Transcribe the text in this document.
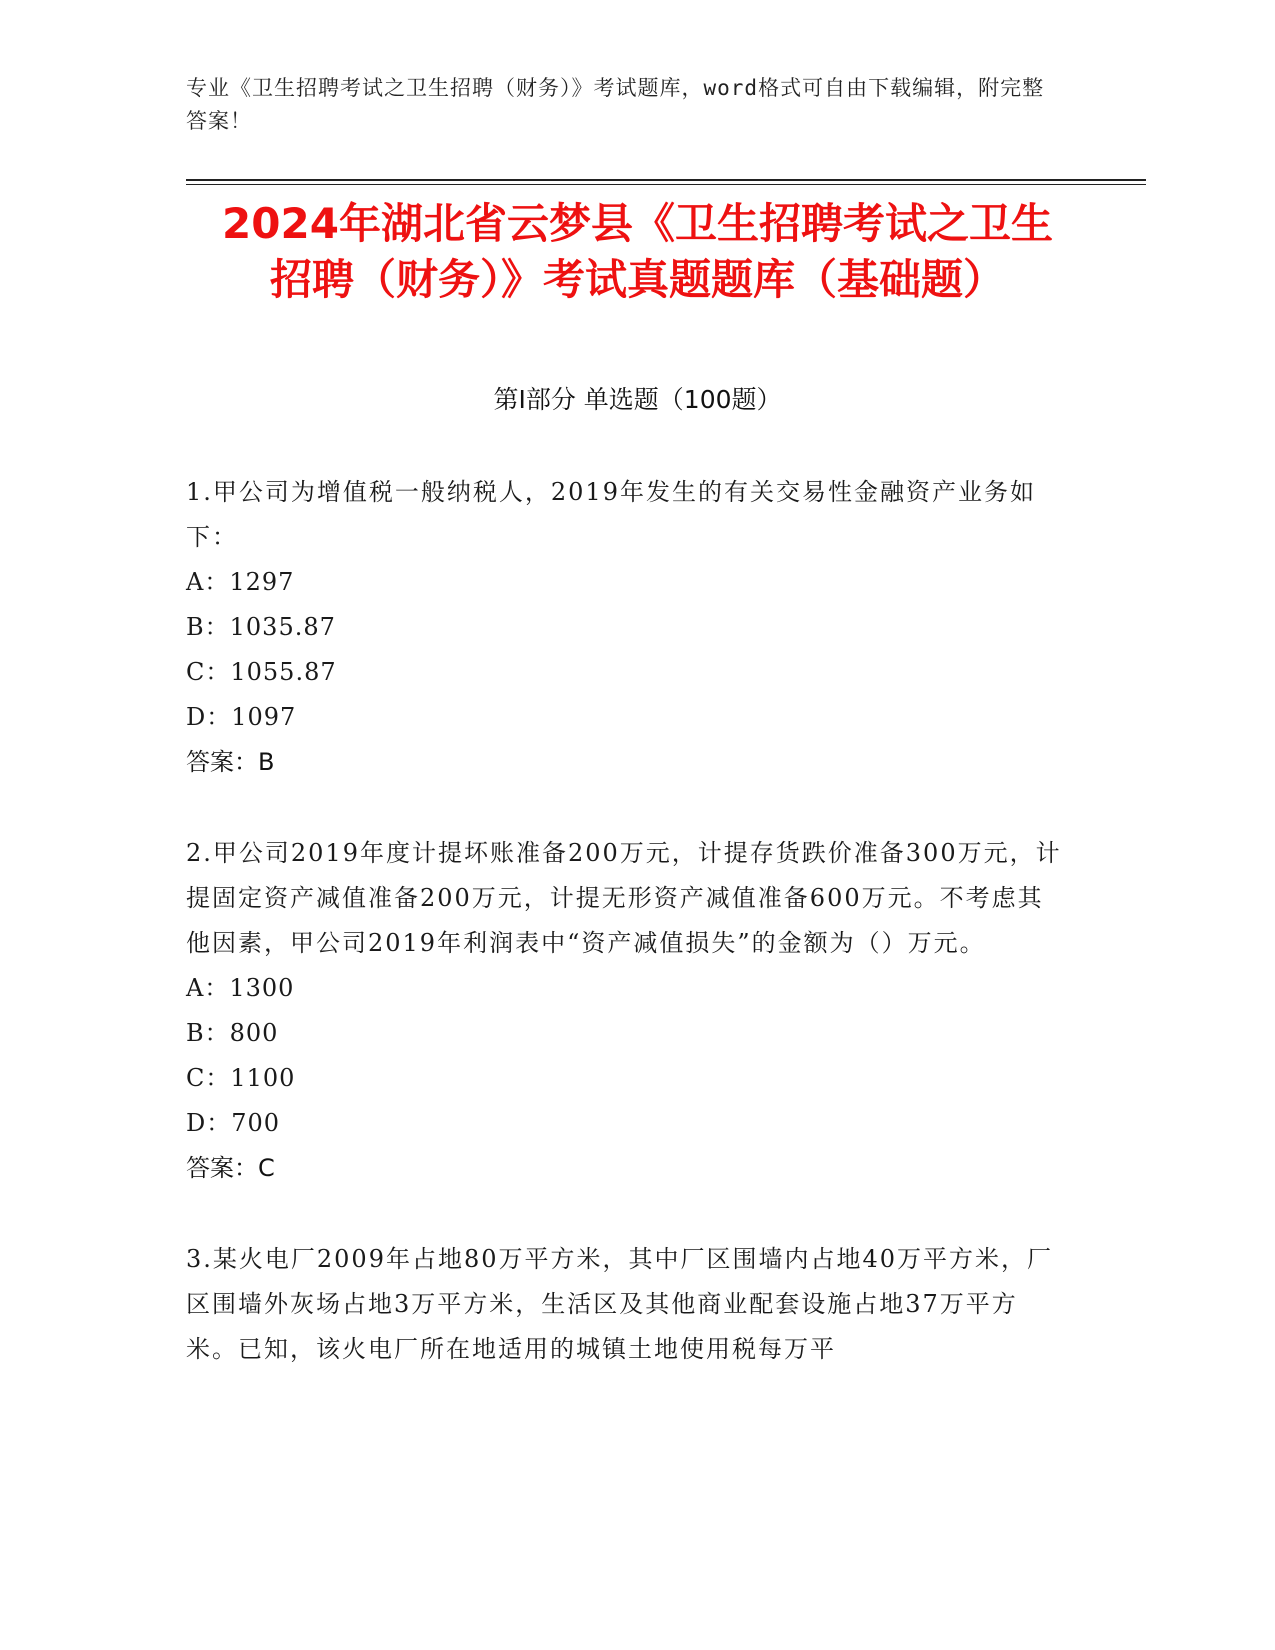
专业《卫生招聘考试之卫生招聘（财务）》考试题库，word格式可自由下载编辑，附完整答案！
2024年湖北省云梦县《卫生招聘考试之卫生
招聘（财务）》考试真题题库（基础题）
第Ⅰ部分 单选题（100题）
1.甲公司为增值税一般纳税人，2019年发生的有关交易性金融资产业务如下：
A：1297
B：1035.87
C：1055.87
D：1097
答案：B
2.甲公司2019年度计提坏账准备200万元，计提存货跌价准备300万元，计提固定资产减值准备200万元，计提无形资产减值准备600万元。不考虑其他因素，甲公司2019年利润表中“资产减值损失”的金额为（）万元。
A：1300
B：800
C：1100
D：700
答案：C
3.某火电厂2009年占地80万平方米，其中厂区围墙内占地40万平方米，厂区围墙外灰场占地3万平方米，生活区及其他商业配套设施占地37万平方米。已知，该火电厂所在地适用的城镇土地使用税每万平
